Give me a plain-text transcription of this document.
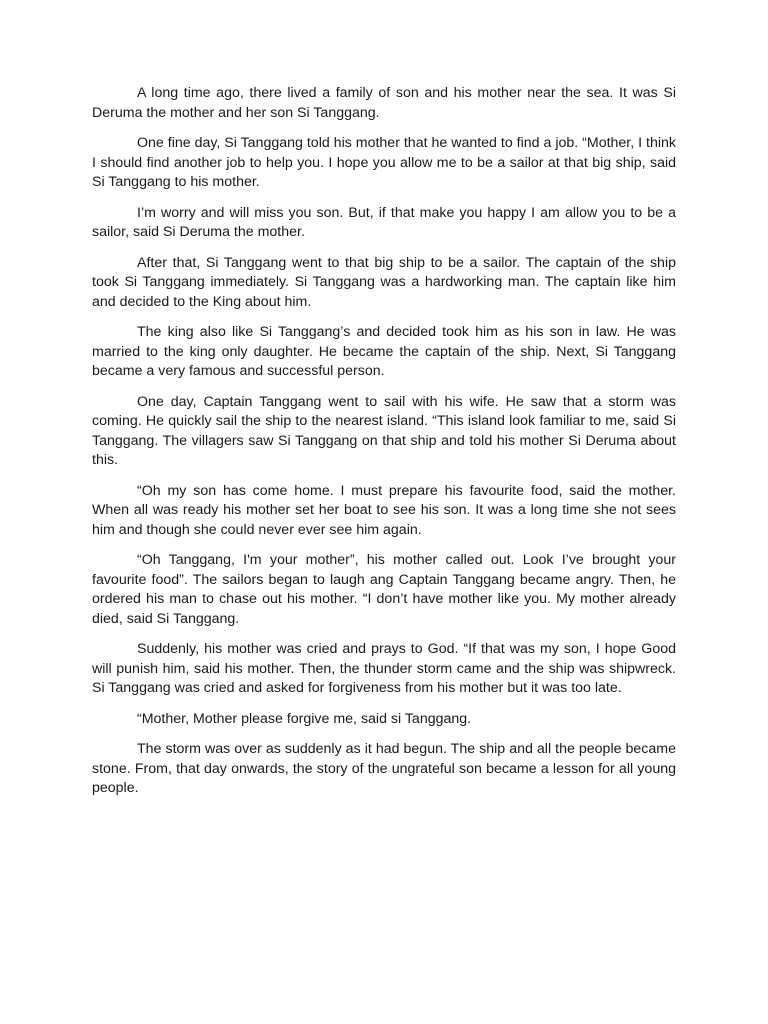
A long time ago, there lived a family of son and his mother near the sea. It was Si Deruma the mother and her son Si Tanggang.

One fine day, Si Tanggang told his mother that he wanted to find a job. “Mother, I think I should find another job to help you. I hope you allow me to be a sailor at that big ship, said Si Tanggang to his mother.

I’m worry and will miss you son. But, if that make you happy I am allow you to be a sailor, said Si Deruma the mother.

After that, Si Tanggang went to that big ship to be a sailor. The captain of the ship took Si Tanggang immediately. Si Tanggang was a hardworking man. The captain like him and decided to the King about him.

The king also like Si Tanggang’s and decided took him as his son in law. He was married to the king only daughter. He became the captain of the ship. Next, Si Tanggang became a very famous and successful person.

One day, Captain Tanggang went to sail with his wife. He saw that a storm was coming. He quickly sail the ship to the nearest island. “This island look familiar to me, said Si Tanggang. The villagers saw Si Tanggang on that ship and told his mother Si Deruma about this.

“Oh my son has come home. I must prepare his favourite food, said the mother. When all was ready his mother set her boat to see his son. It was a long time she not sees him and though she could never ever see him again.

“Oh Tanggang, I'm your mother”, his mother called out. Look I’ve brought your favourite food”. The sailors began to laugh ang Captain Tanggang became angry. Then, he ordered his man to chase out his mother. “I don’t have mother like you. My mother already died, said Si Tanggang.

Suddenly, his mother was cried and prays to God. “If that was my son, I hope Good will punish him, said his mother. Then, the thunder storm came and the ship was shipwreck. Si Tanggang was cried and asked for forgiveness from his mother but it was too late.

“Mother, Mother please forgive me, said si Tanggang.

The storm was over as suddenly as it had begun. The ship and all the people became stone. From, that day onwards, the story of the ungrateful son became a lesson for all young people.
